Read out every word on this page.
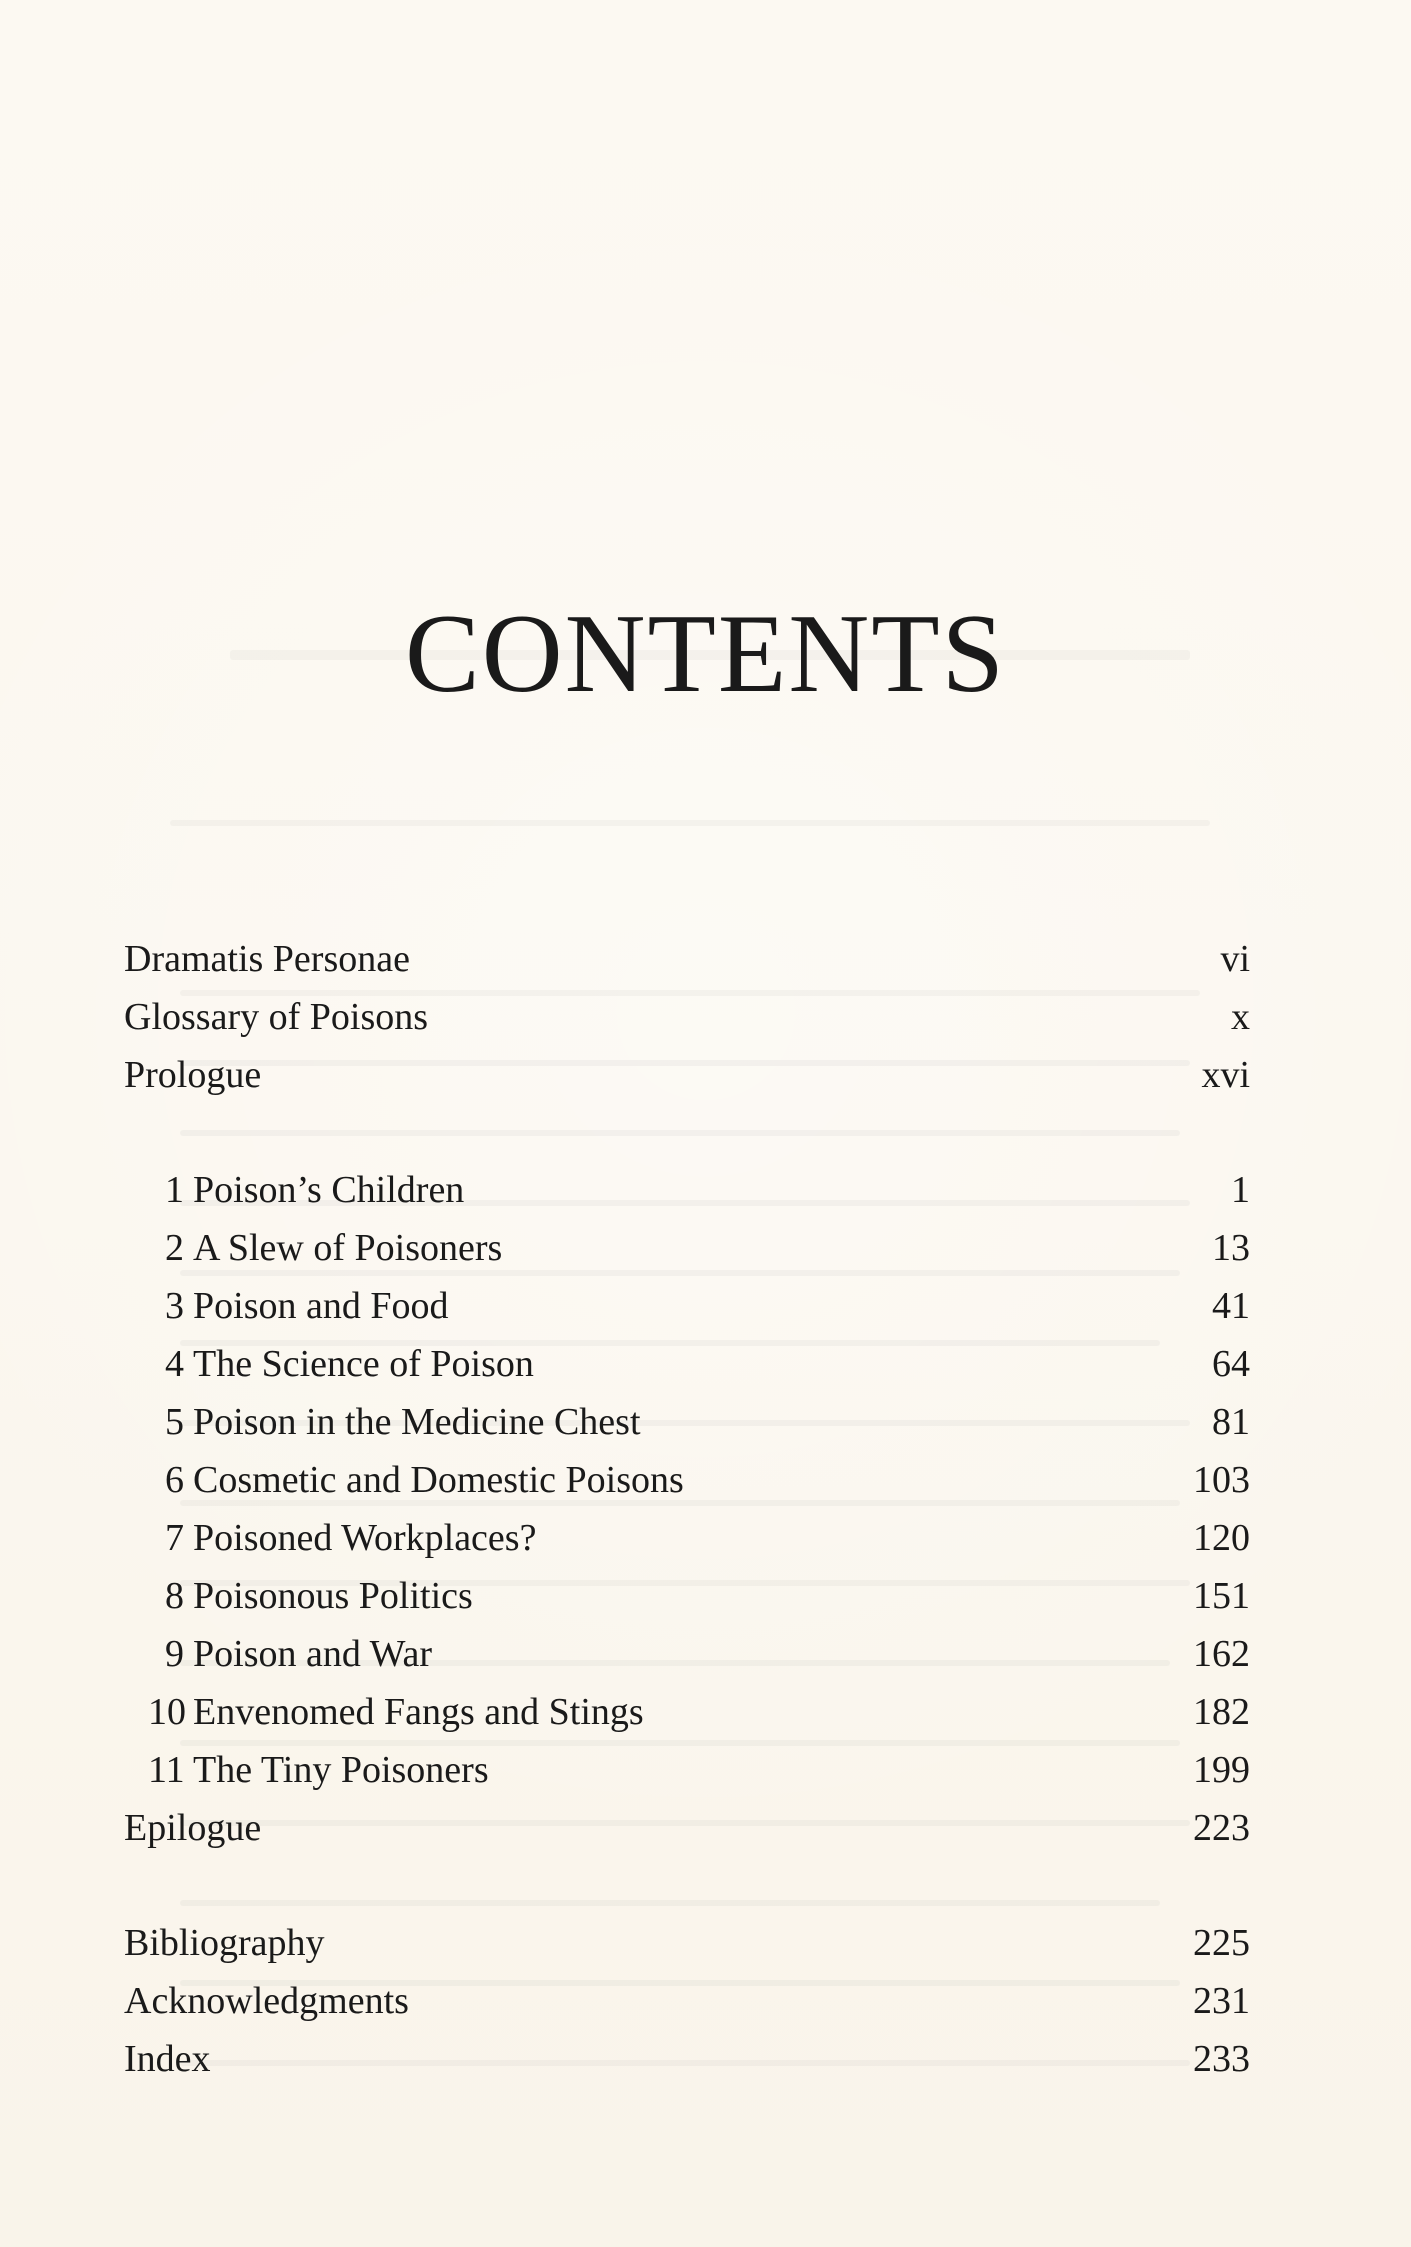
CONTENTS
Dramatis Personae	vi
Glossary of Poisons	x
Prologue	xvi
1 Poison’s Children	1
2 A Slew of Poisoners	13
3 Poison and Food	41
4 The Science of Poison	64
5 Poison in the Medicine Chest	81
6 Cosmetic and Domestic Poisons	103
7 Poisoned Workplaces?	120
8 Poisonous Politics	151
9 Poison and War	162
10 Envenomed Fangs and Stings	182
11 The Tiny Poisoners	199
Epilogue	223
Bibliography	225
Acknowledgments	231
Index	233
